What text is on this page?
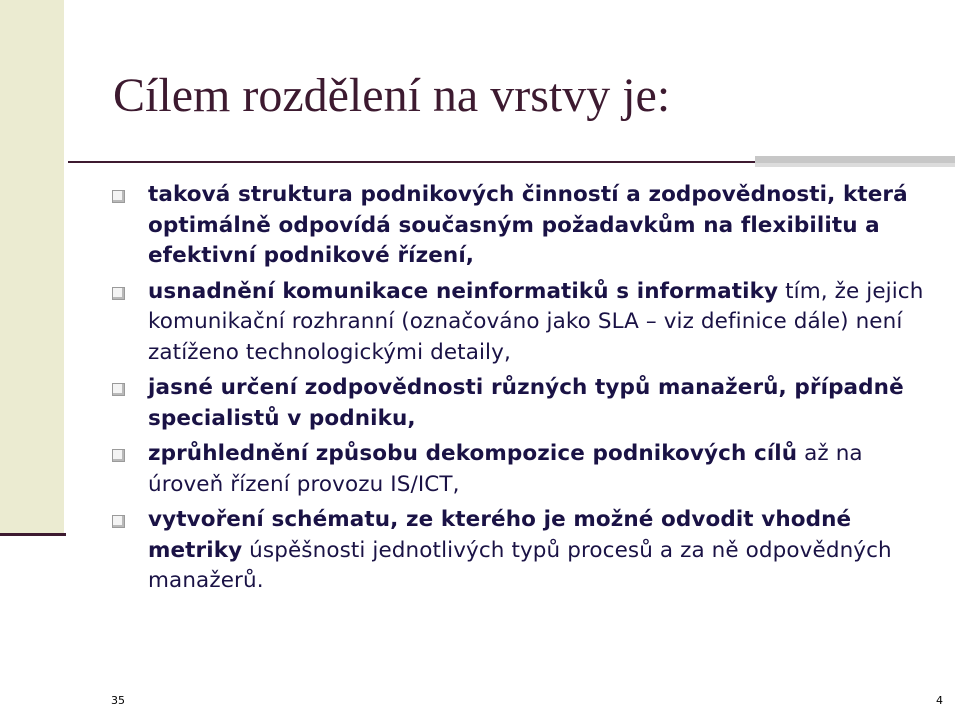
Cílem rozdělení na vrstvy je:
taková struktura podnikových činností a zodpovědnosti, která optimálně odpovídá současným požadavkům na flexibilitu a efektivní podnikové řízení,
usnadnění komunikace neinformatiků s informatiky tím, že jejich komunikační rozhranní (označováno jako SLA – viz definice dále) není zatíženo technologickými detaily,
jasné určení zodpovědnosti různých typů manažerů, případně specialistů v podniku,
zprůhlednění způsobu dekompozice podnikových cílů až na úroveň řízení provozu IS/ICT,
vytvoření schématu, ze kterého je možné odvodit vhodné metriky úspěšnosti jednotlivých typů procesů a za ně odpovědných manažerů.
35	4
